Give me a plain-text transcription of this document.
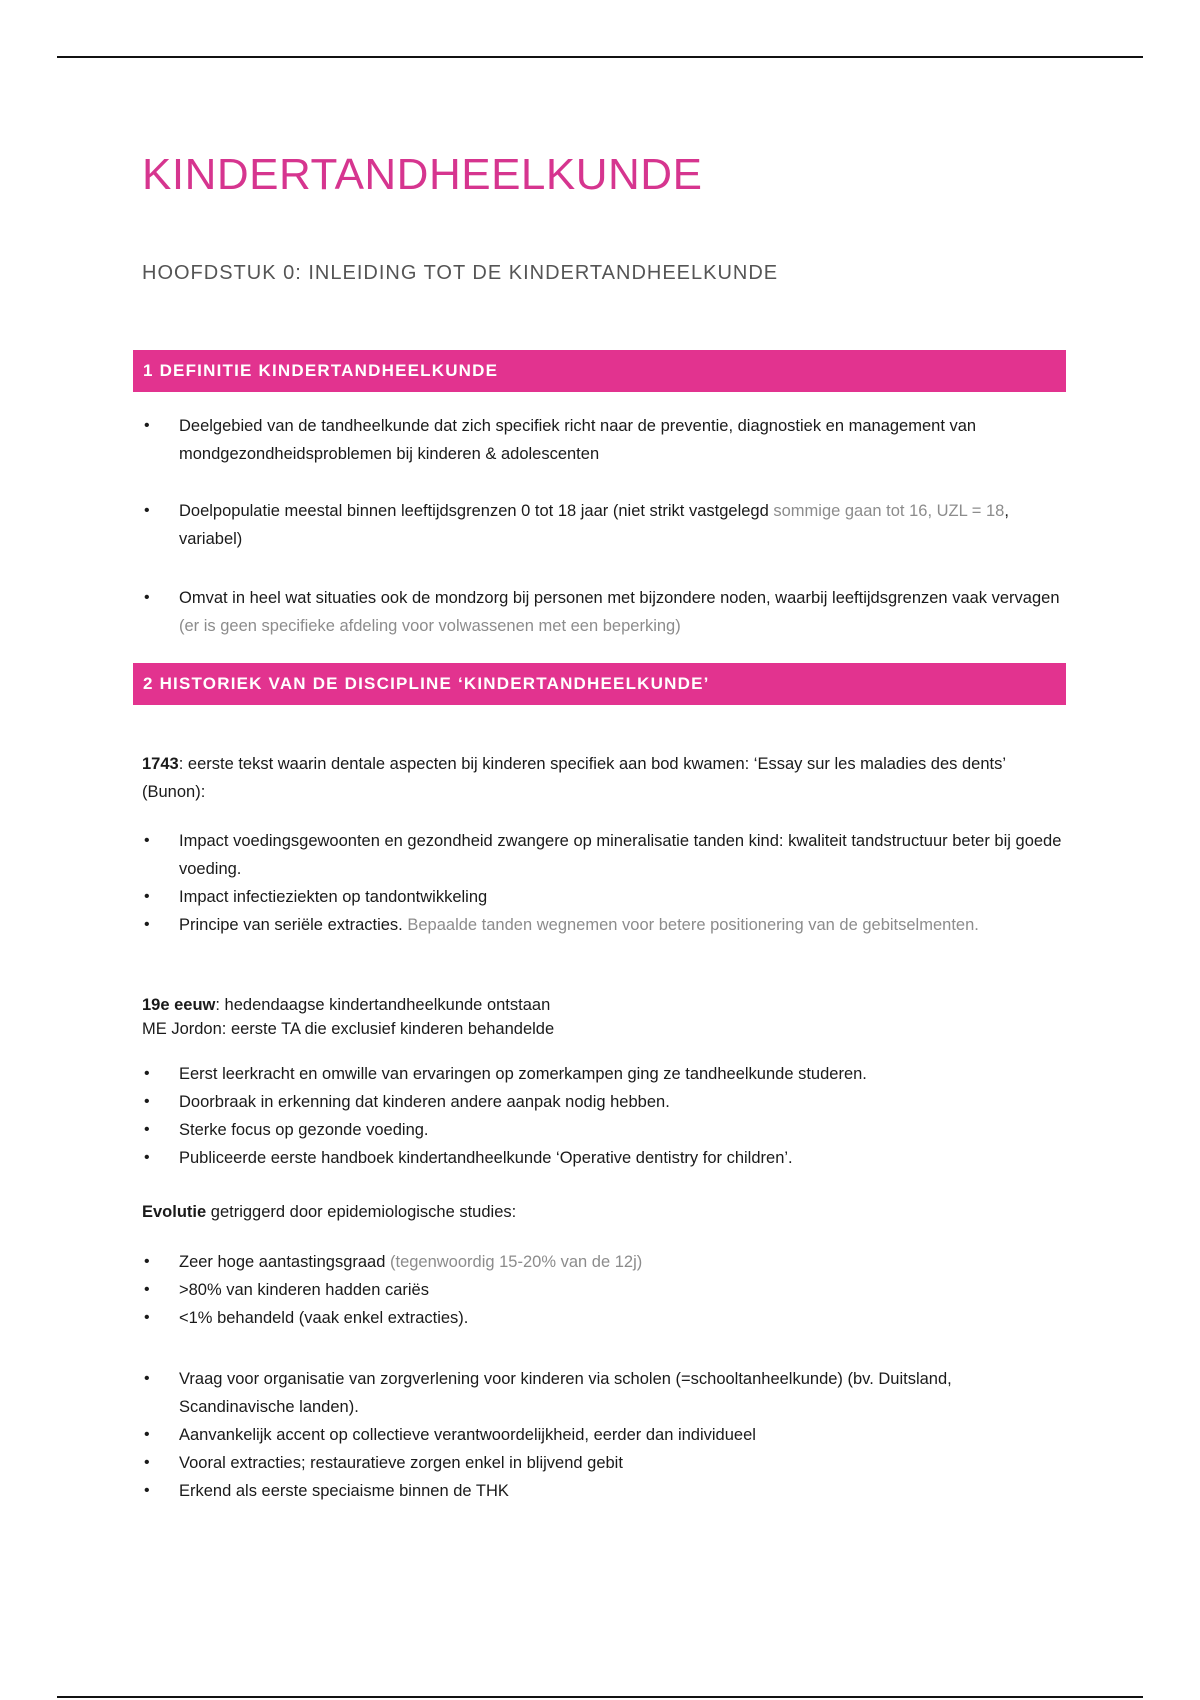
KINDERTANDHEELKUNDE
HOOFDSTUK 0: INLEIDING TOT DE KINDERTANDHEELKUNDE
1 DEFINITIE KINDERTANDHEELKUNDE
• Deelgebied van de tandheelkunde dat zich specifiek richt naar de preventie, diagnostiek en management van mondgezondheidsproblemen bij kinderen & adolescenten
• Doelpopulatie meestal binnen leeftijdsgrenzen 0 tot 18 jaar (niet strikt vastgelegd sommige gaan tot 16, UZL = 18, variabel)
• Omvat in heel wat situaties ook de mondzorg bij personen met bijzondere noden, waarbij leeftijdsgrenzen vaak vervagen (er is geen specifieke afdeling voor volwassenen met een beperking)
2 HISTORIEK VAN DE DISCIPLINE ‘KINDERTANDHEELKUNDE’

1743: eerste tekst waarin dentale aspecten bij kinderen specifiek aan bod kwamen: ‘Essay sur les maladies des dents’ (Bunon):

• Impact voedingsgewoonten en gezondheid zwangere op mineralisatie tanden kind: kwaliteit tandstructuur beter bij goede voeding.
• Impact infectieziekten op tandontwikkeling
• Principe van seriële extracties. Bepaalde tanden wegnemen voor betere positionering van de gebitselmenten.

19e eeuw: hedendaagse kindertandheelkunde ontstaan
ME Jordon: eerste TA die exclusief kinderen behandelde

• Eerst leerkracht en omwille van ervaringen op zomerkampen ging ze tandheelkunde studeren.
• Doorbraak in erkenning dat kinderen andere aanpak nodig hebben.
• Sterke focus op gezonde voeding.
• Publiceerde eerste handboek kindertandheelkunde ‘Operative dentistry for children’.

Evolutie getriggerd door epidemiologische studies:

• Zeer hoge aantastingsgraad (tegenwoordig 15-20% van de 12j)
• >80% van kinderen hadden cariës
• <1% behandeld (vaak enkel extracties).
• Vraag voor organisatie van zorgverlening voor kinderen via scholen (=schooltanheelkunde) (bv. Duitsland, Scandinavische landen).
• Aanvankelijk accent op collectieve verantwoordelijkheid, eerder dan individueel
• Vooral extracties; restauratieve zorgen enkel in blijvend gebit
• Erkend als eerste speciaisme binnen de THK
